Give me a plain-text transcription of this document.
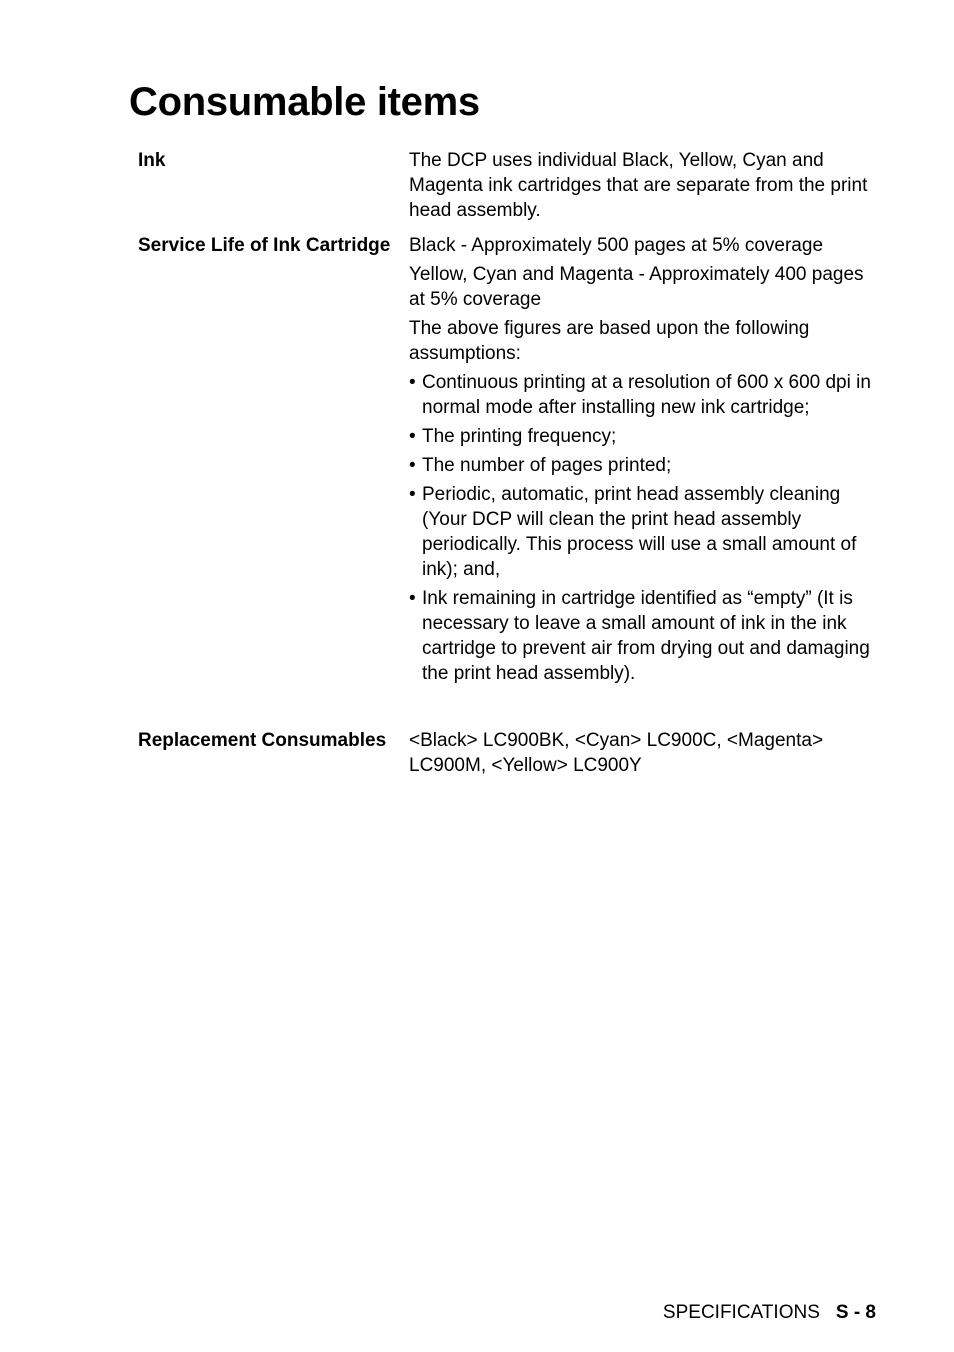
Consumable items
Ink	The DCP uses individual Black, Yellow, Cyan and Magenta ink cartridges that are separate from the print head assembly.

Service Life of Ink Cartridge Black - Approximately 500 pages at 5% coverage

Yellow, Cyan and Magenta - Approximately 400 pages at 5% coverage

The above figures are based upon the following assumptions:

• Continuous printing at a resolution of 600 x 600 dpi in normal mode after installing new ink cartridge;
• The printing frequency;
• The number of pages printed;
• Periodic, automatic, print head assembly cleaning (Your DCP will clean the print head assembly periodically. This process will use a small amount of ink); and,
• Ink remaining in cartridge identified as “empty” (It is necessary to leave a small amount of ink in the ink cartridge to prevent air from drying out and damaging the print head assembly).
Replacement Consumables	<Black> LC900BK, <Cyan> LC900C, <Magenta> LC900M, <Yellow> LC900Y

SPECIFICATIONS S - 8
